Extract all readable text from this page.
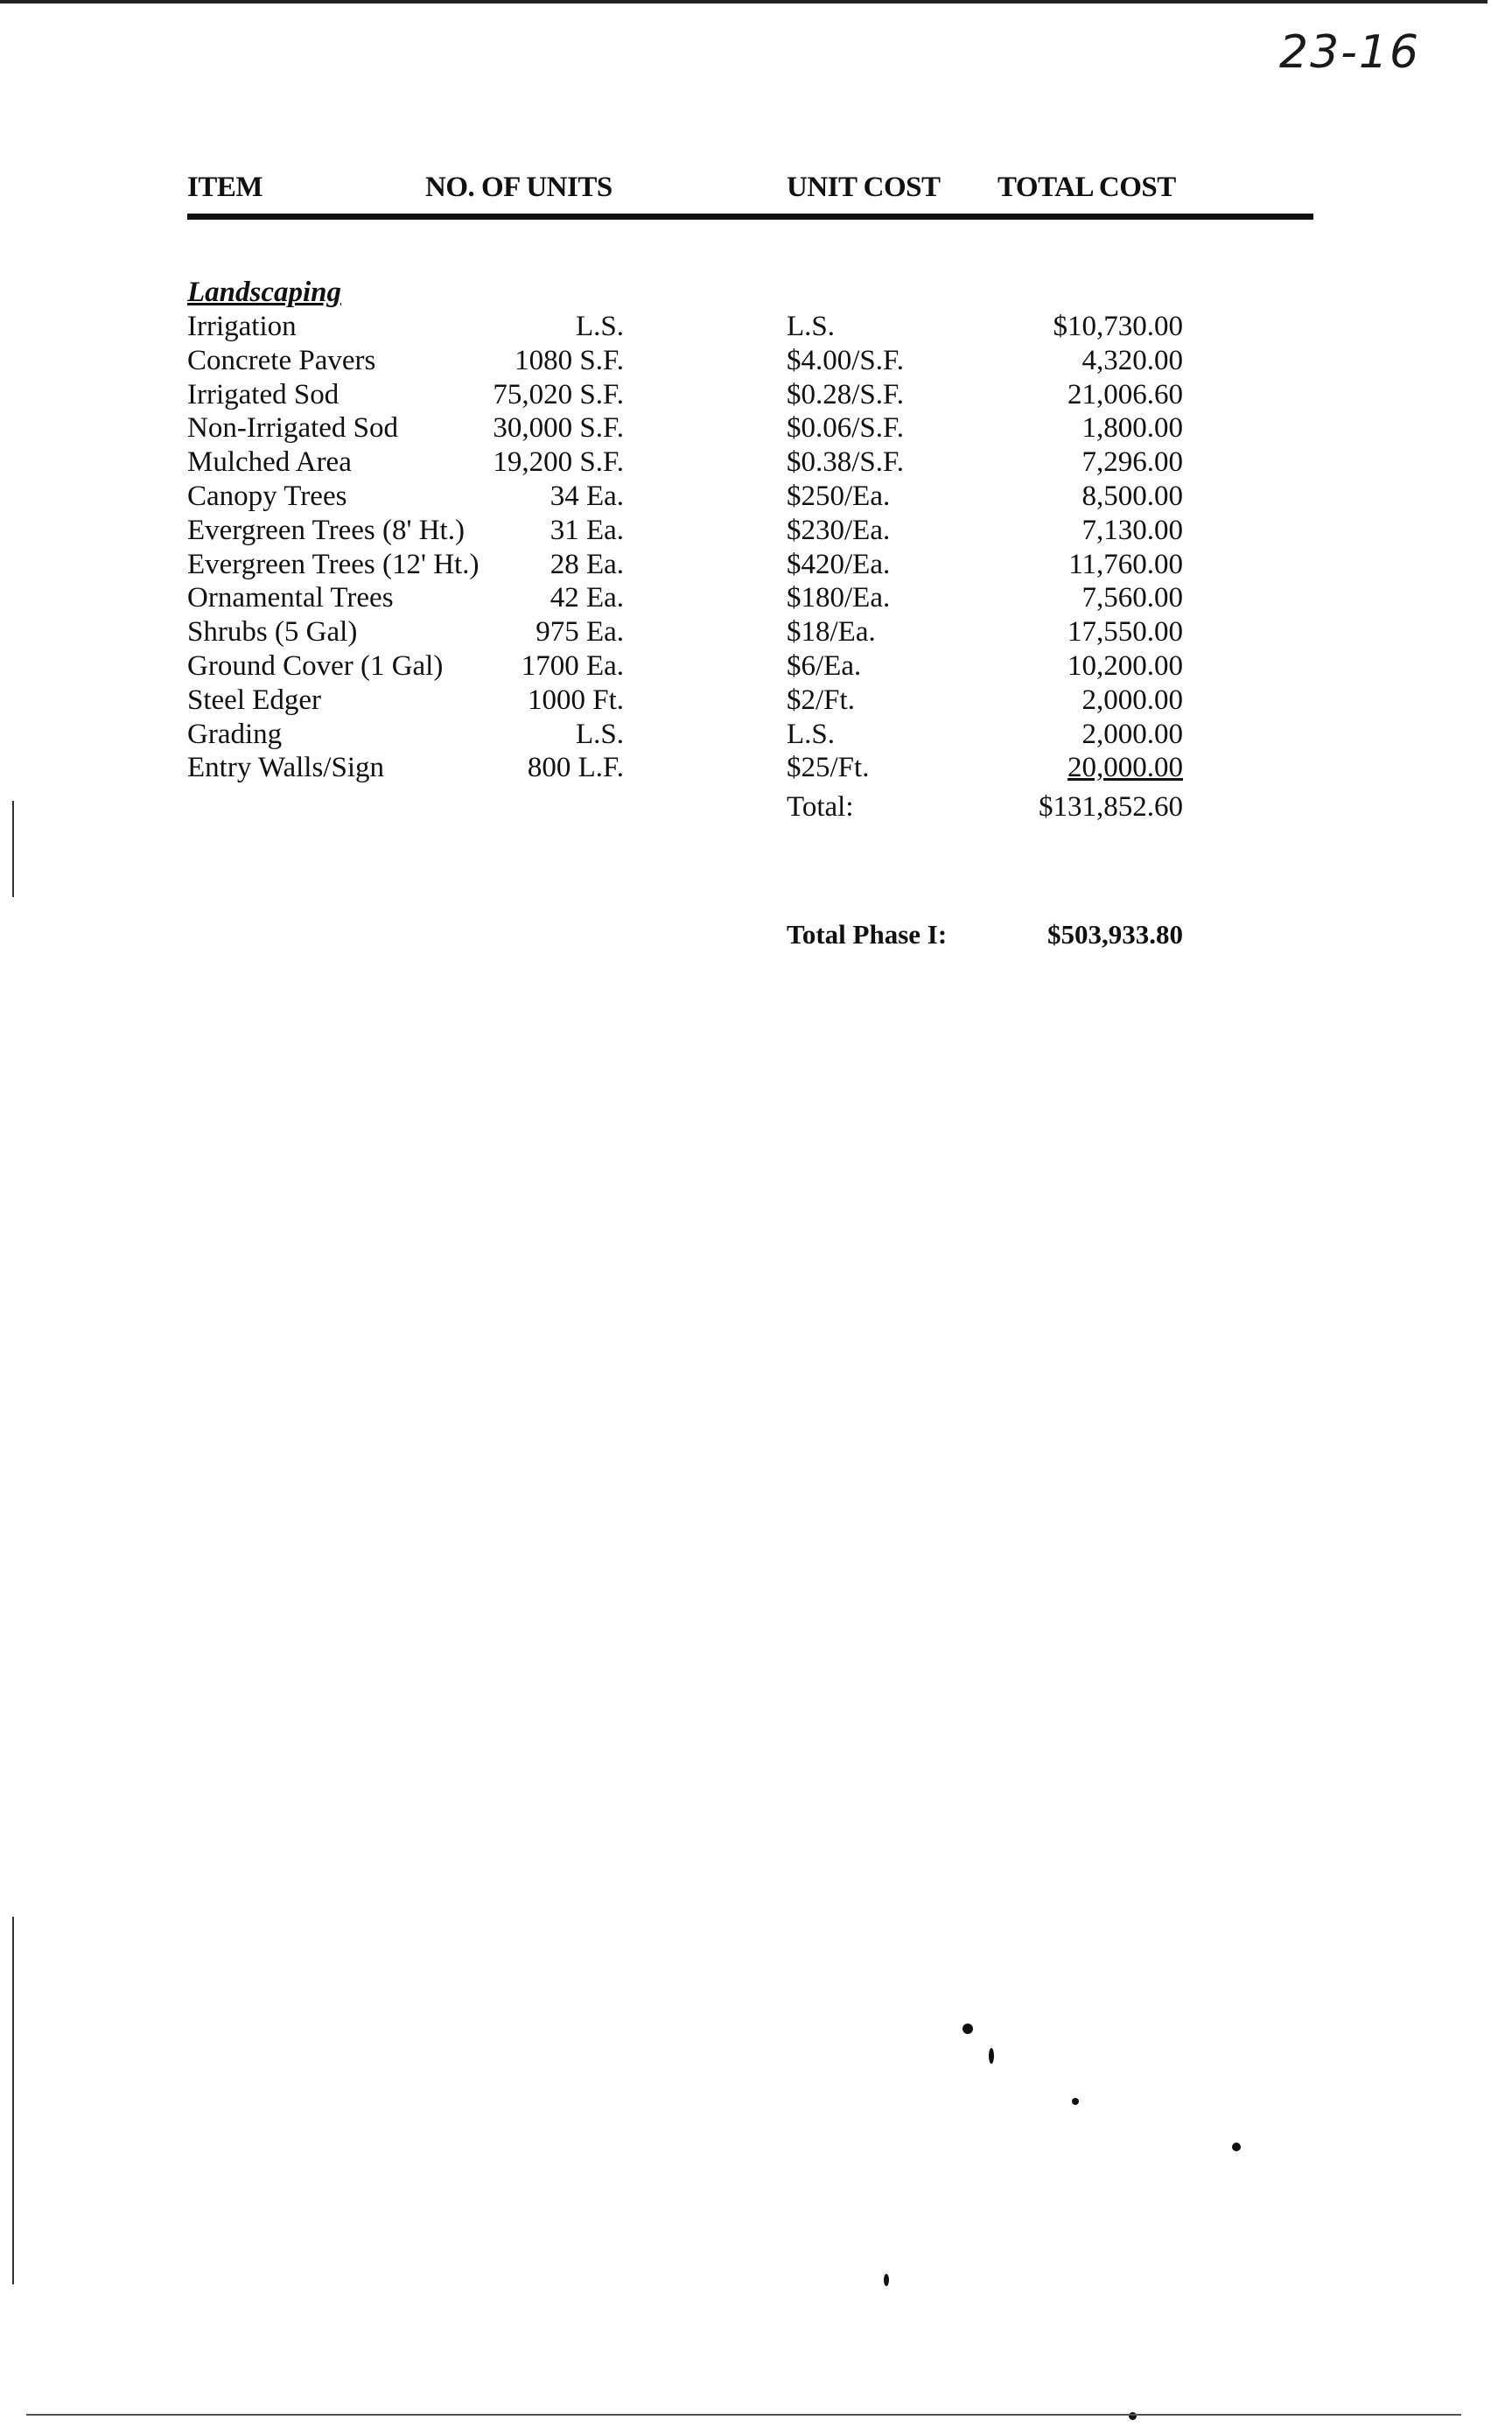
23-16
ITEM	NO. OF UNITS	UNIT COST TOTAL COST
Landscaping
Irrigation	L.S.	L.S.	$10,730.00
Concrete Pavers	1080 S.F.	$4.00/S.F.	4,320.00
Irrigated Sod	75,020 S.F.	$0.28/S.F.	21,006.60
Non-Irrigated Sod	30,000 S.F.	$0.06/S.F.	1,800.00
Mulched Area	19,200 S.F.	$0.38/S.F.	7,296.00
Canopy Trees	34 Ea.	$250/Ea.	8,500.00
Evergreen Trees (8' Ht.)	31 Ea.	$230/Ea.	7,130.00
Evergreen Trees (12' Ht.)	28 Ea.	$420/Ea.	11,760.00
Ornamental Trees	42 Ea.	$180/Ea.	7,560.00
Shrubs (5 Gal)	975 Ea.	$18/Ea.	17,550.00
Ground Cover (1 Gal)	1700 Ea.	$6/Ea.	10,200.00
Steel Edger	1000 Ft.	$2/Ft.	2,000.00
Grading	L.S.	L.S.	2,000.00
Entry Walls/Sign	800 L.F.	$25/Ft.	20,000.00
Total:	$131,852.60
Total Phase I:	$503,933.80
